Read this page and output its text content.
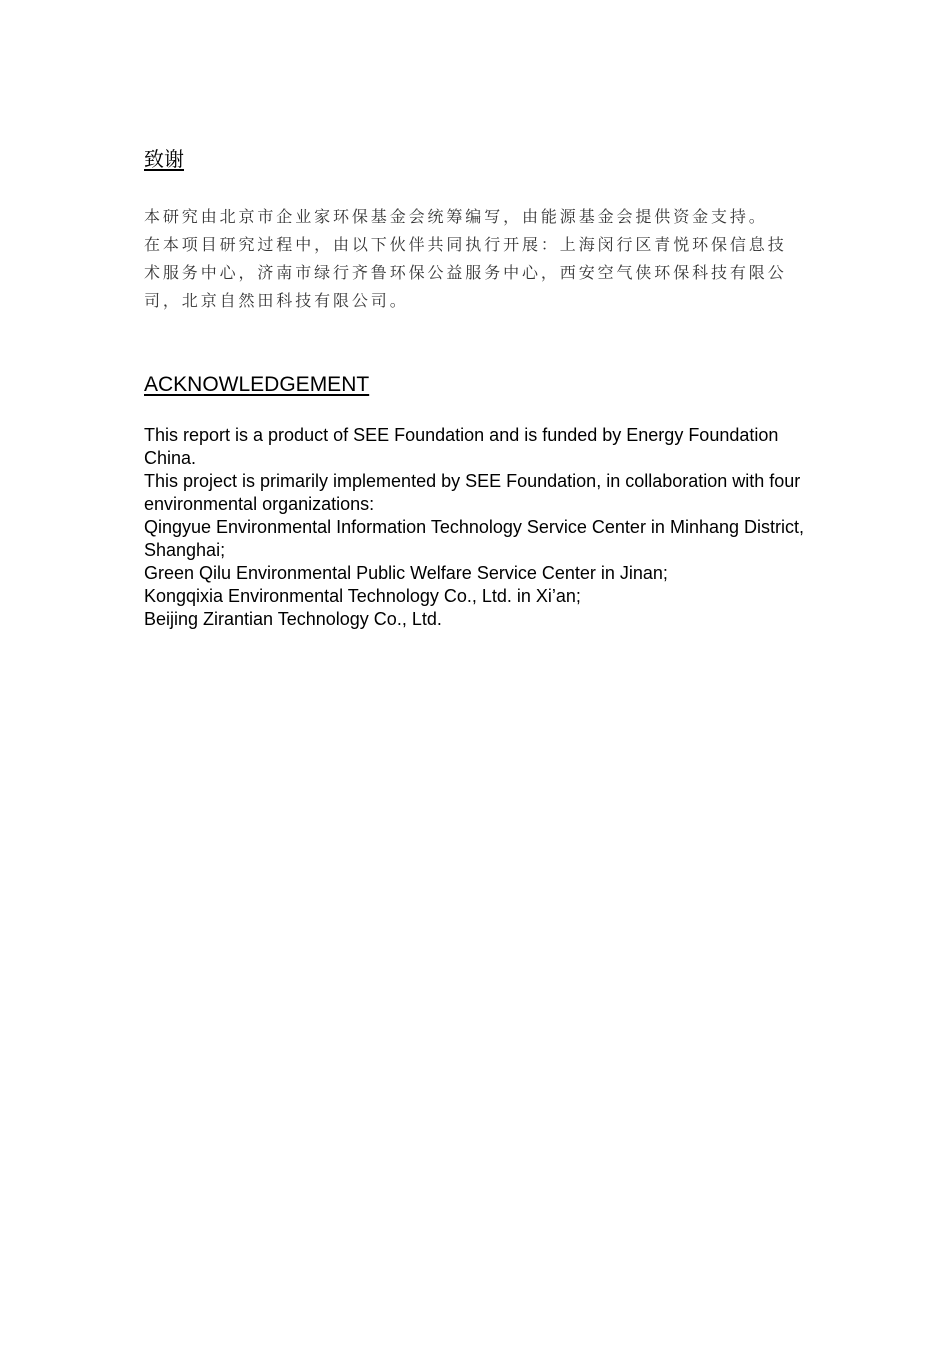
致谢

本研究由北京市企业家环保基金会统筹编写，由能源基金会提供资金支持。

在本项目研究过程中，由以下伙伴共同执行开展：上海闵行区青悦环保信息技术服务中心，济南市绿行齐鲁环保公益服务中心，西安空气侠环保科技有限公司，北京自然田科技有限公司。

ACKNOWLEDGEMENT

This report is a product of SEE Foundation and is funded by Energy Foundation China.

This project is primarily implemented by SEE Foundation, in collaboration with four environmental organizations:

Qingyue Environmental Information Technology Service Center in Minhang District, Shanghai;

Green Qilu Environmental Public Welfare Service Center in Jinan;

Kongqixia Environmental Technology Co., Ltd. in Xi’an;

Beijing Zirantian Technology Co., Ltd.
